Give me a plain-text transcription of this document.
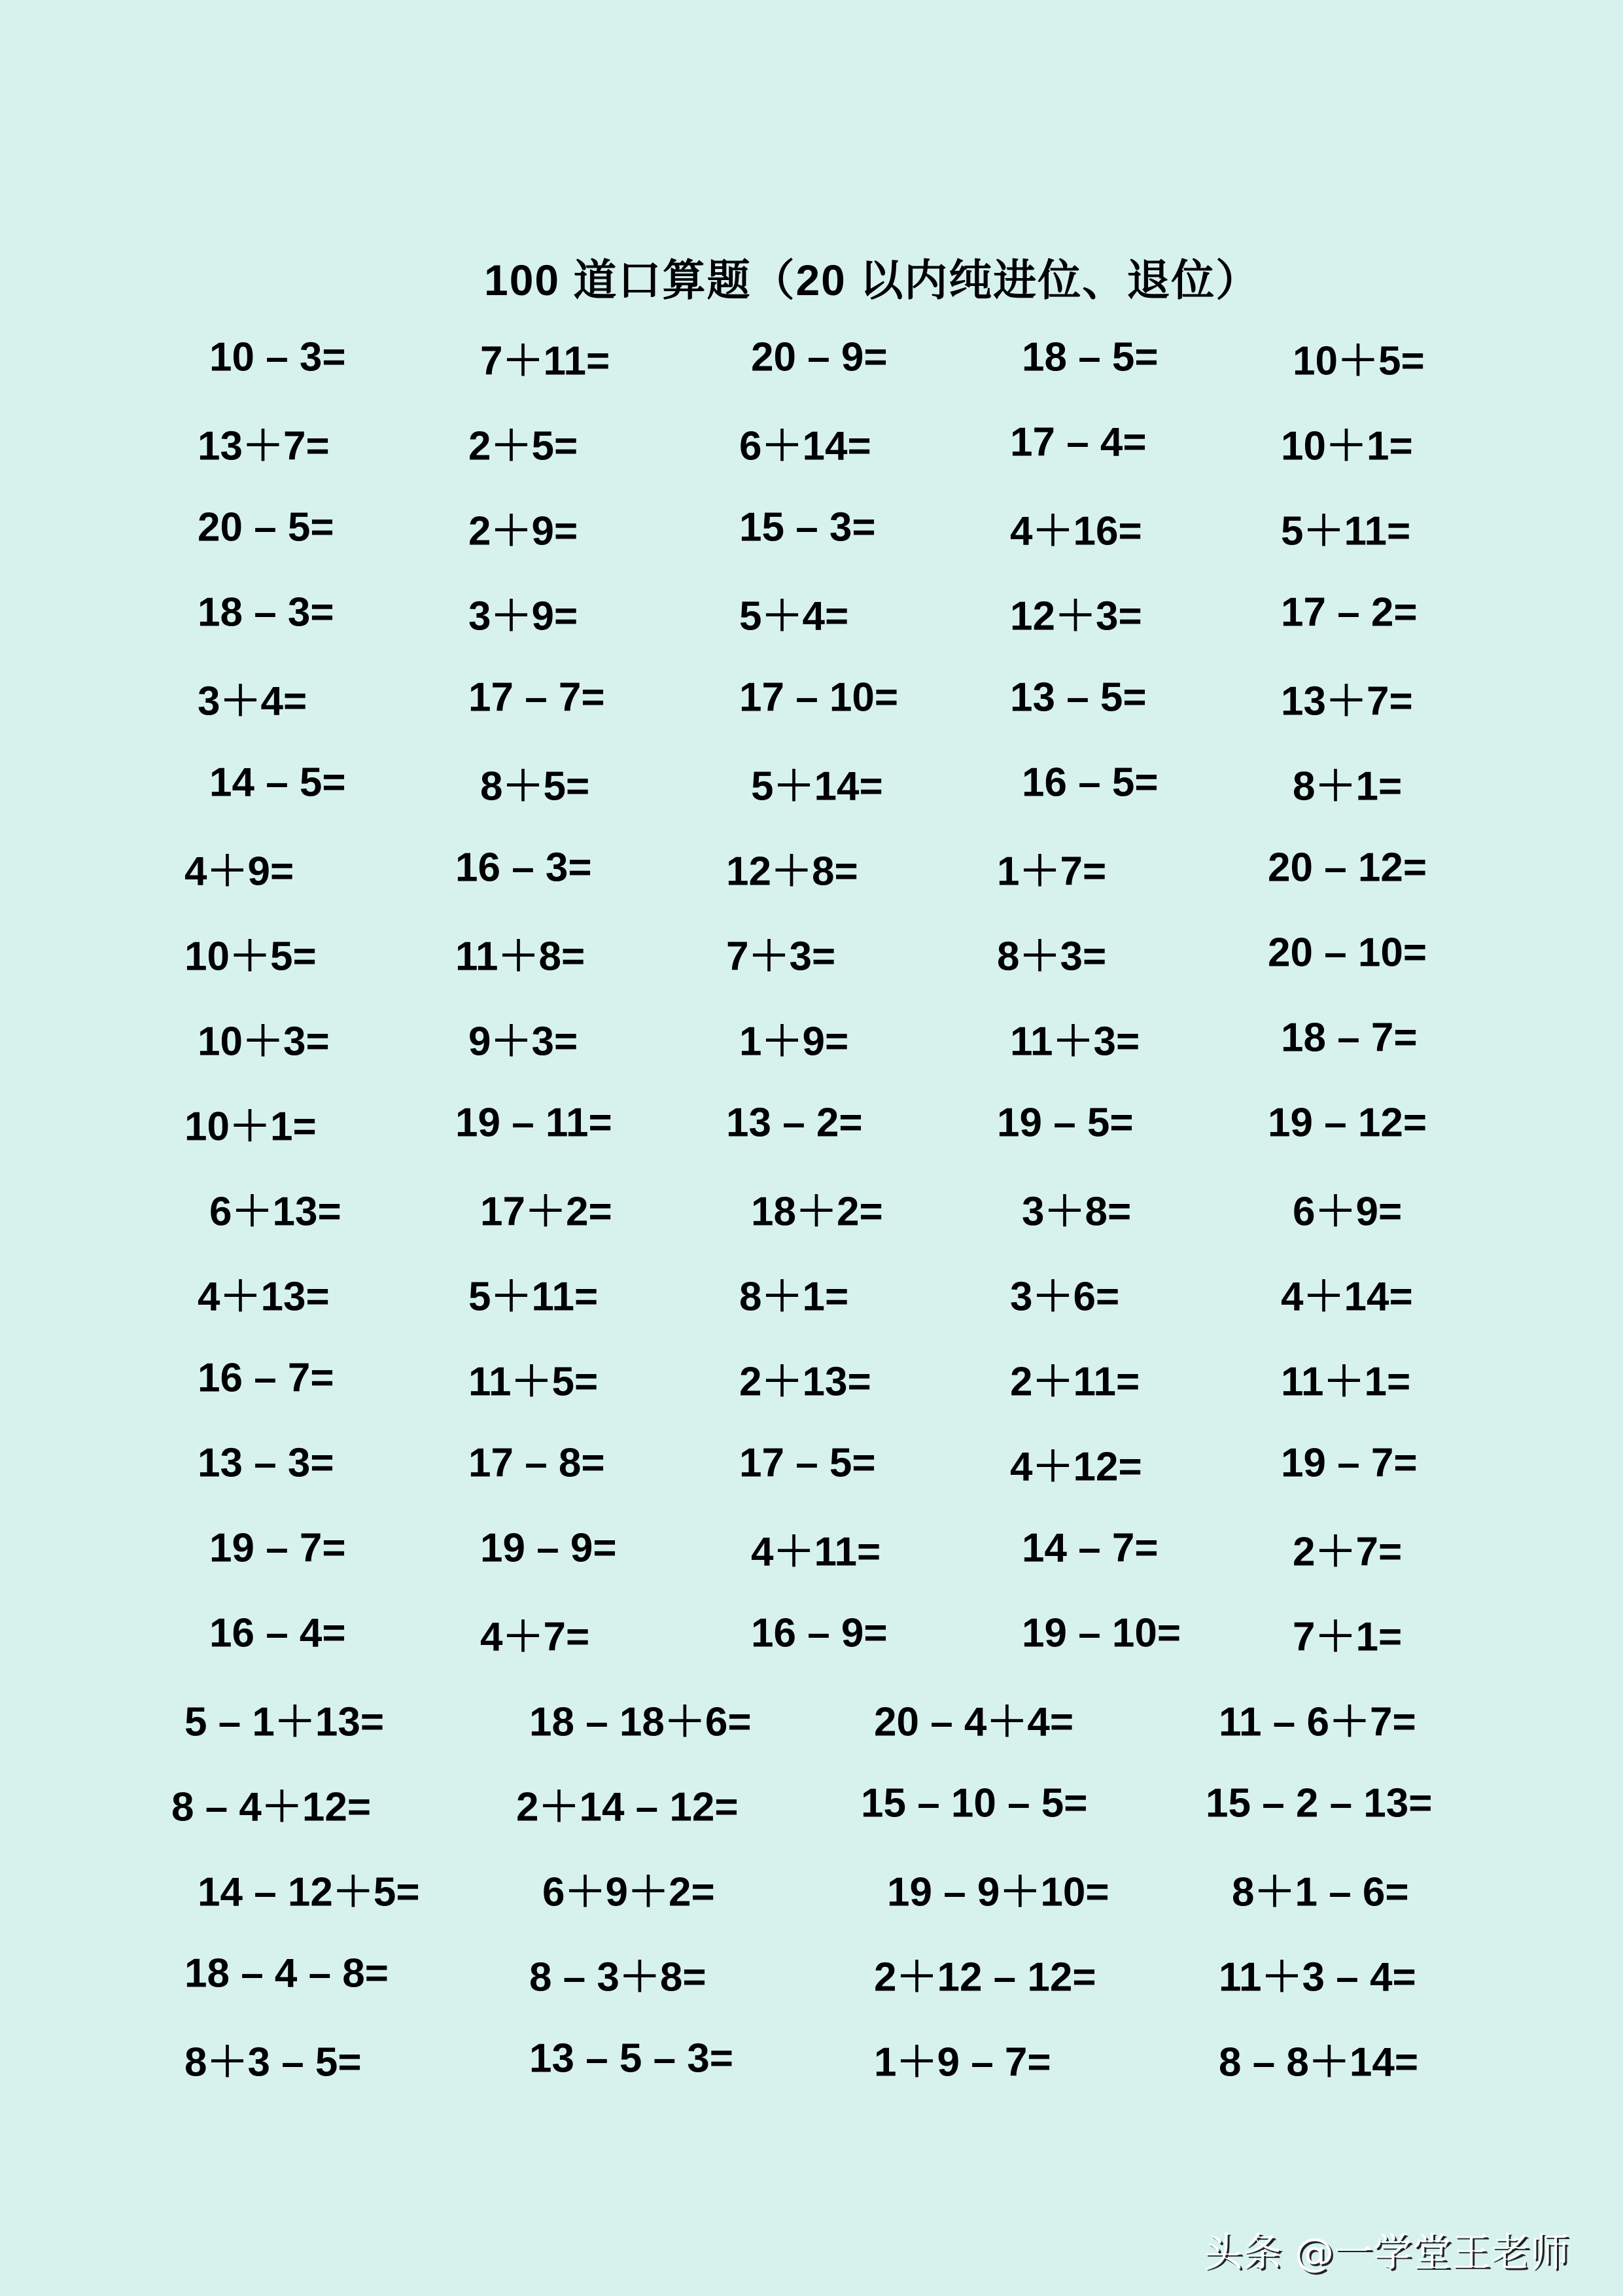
100 道口算题（20 以内纯进位、退位）
10 – 3=	7＋11=	20 – 9=	18 – 5=	10＋5=
13＋7=	2＋5=	6＋14=	17 – 4=	10＋1=
20 – 5=	2＋9=	15 – 3=	4＋16=	5＋11=
18 – 3=	3＋9=	5＋4=	12＋3=	17 – 2=
3＋4=	17 – 7=	17 – 10=	13 – 5=	13＋7=
14 – 5=	8＋5=	5＋14=	16 – 5=	8＋1=
4＋9=	16 – 3=	12＋8=	1＋7=	20 – 12=
10＋5=	11＋8=	7＋3=	8＋3=	20 – 10=
10＋3=	9＋3=	1＋9=	11＋3=	18 – 7=
10＋1=	19 – 11=	13 – 2=	19 – 5=	19 – 12=
6＋13=	17＋2=	18＋2=	3＋8=	6＋9=
4＋13=	5＋11=	8＋1=	3＋6=	4＋14=
16 – 7=	11＋5=	2＋13=	2＋11=	11＋1=
13 – 3=	17 – 8=	17 – 5=	4＋12=	19 – 7=
19 – 7=	19 – 9=	4＋11=	14 – 7=	2＋7=
16 – 4=	4＋7=	16 – 9=	19 – 10=	7＋1=
5 – 1＋13=	18 – 18＋6=	20 – 4＋4=	11 – 6＋7=
8 – 4＋12=	2＋14 – 12=	15 – 10 – 5=	15 – 2 – 13=
14 – 12＋5=	6＋9＋2=	19 – 9＋10=	8＋1 – 6=
18 – 4 – 8=	8 – 3＋8=	2＋12 – 12=	11＋3 – 4=
8＋3 – 5=	13 – 5 – 3=	1＋9 – 7=	8 – 8＋14=
头条 @一学堂王老师
